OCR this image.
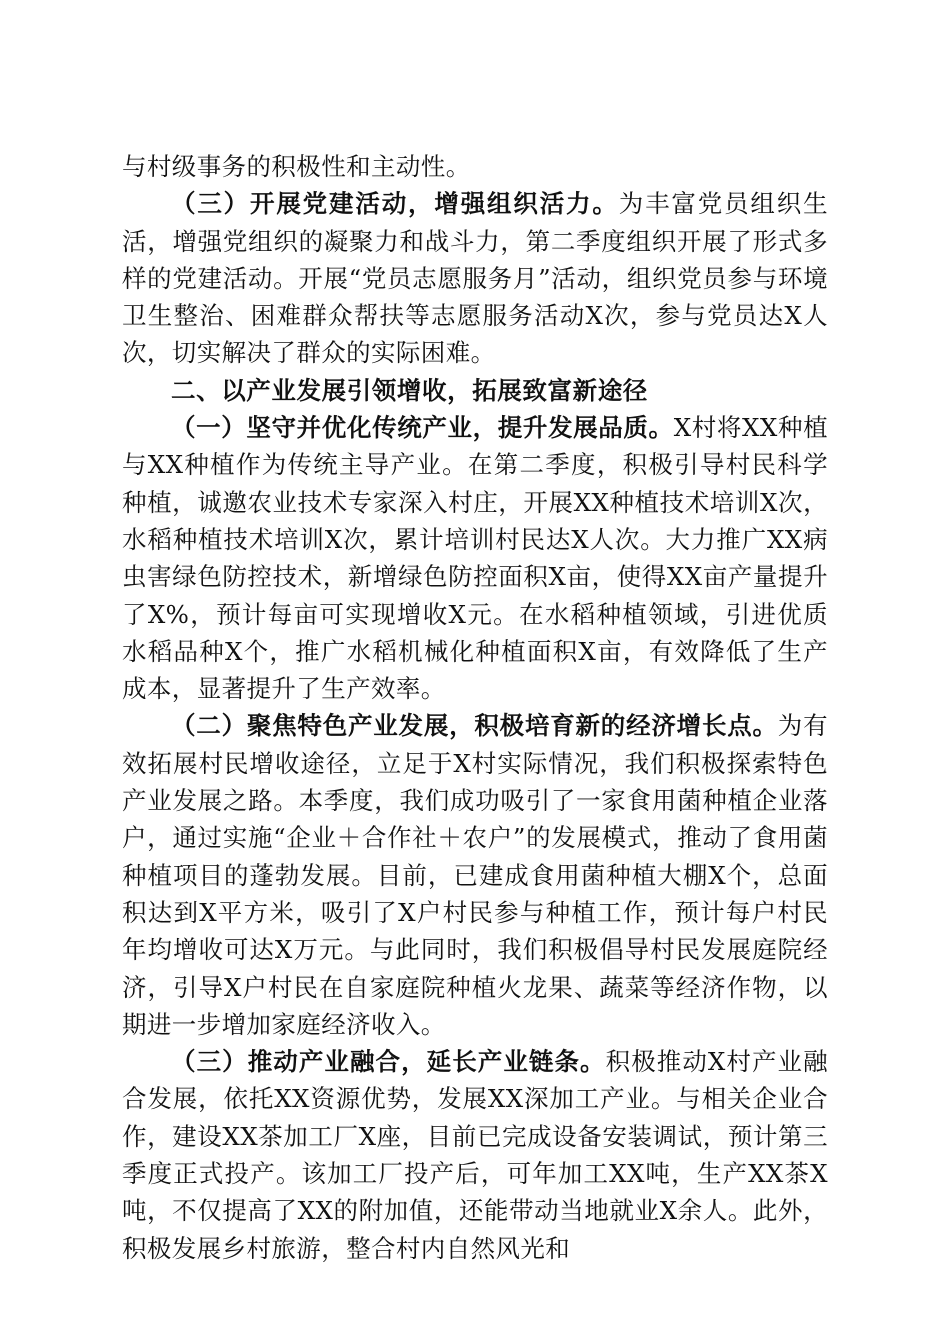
与村级事务的积极性和主动性。

（三）开展党建活动，增强组织活力。为丰富党员组织生活，增强党组织的凝聚力和战斗力，第二季度组织开展了形式多样的党建活动。开展“党员志愿服务月”活动，组织党员参与环境卫生整治、困难群众帮扶等志愿服务活动X次，参与党员达X人次，切实解决了群众的实际困难。

二、以产业发展引领增收，拓展致富新途径

（一）坚守并优化传统产业，提升发展品质。X村将XX种植与XX种植作为传统主导产业。在第二季度，积极引导村民科学种植，诚邀农业技术专家深入村庄，开展XX种植技术培训X次，水稻种植技术培训X次，累计培训村民达X人次。大力推广XX病虫害绿色防控技术，新增绿色防控面积X亩，使得XX亩产量提升了X%，预计每亩可实现增收X元。在水稻种植领域，引进优质水稻品种X个，推广水稻机械化种植面积X亩，有效降低了生产成本，显著提升了生产效率。

（二）聚焦特色产业发展，积极培育新的经济增长点。为有效拓展村民增收途径，立足于X村实际情况，我们积极探索特色产业发展之路。本季度，我们成功吸引了一家食用菌种植企业落户，通过实施“企业＋合作社＋农户”的发展模式，推动了食用菌种植项目的蓬勃发展。目前，已建成食用菌种植大棚X个，总面积达到X平方米，吸引了X户村民参与种植工作，预计每户村民年均增收可达X万元。与此同时，我们积极倡导村民发展庭院经济，引导X户村民在自家庭院种植火龙果、蔬菜等经济作物，以期进一步增加家庭经济收入。

（三）推动产业融合，延长产业链条。积极推动X村产业融合发展，依托XX资源优势，发展XX深加工产业。与相关企业合作，建设XX茶加工厂X座，目前已完成设备安装调试，预计第三季度正式投产。该加工厂投产后，可年加工XX吨，生产XX茶X吨，不仅提高了XX的附加值，还能带动当地就业X余人。此外，积极发展乡村旅游，整合村内自然风光和
